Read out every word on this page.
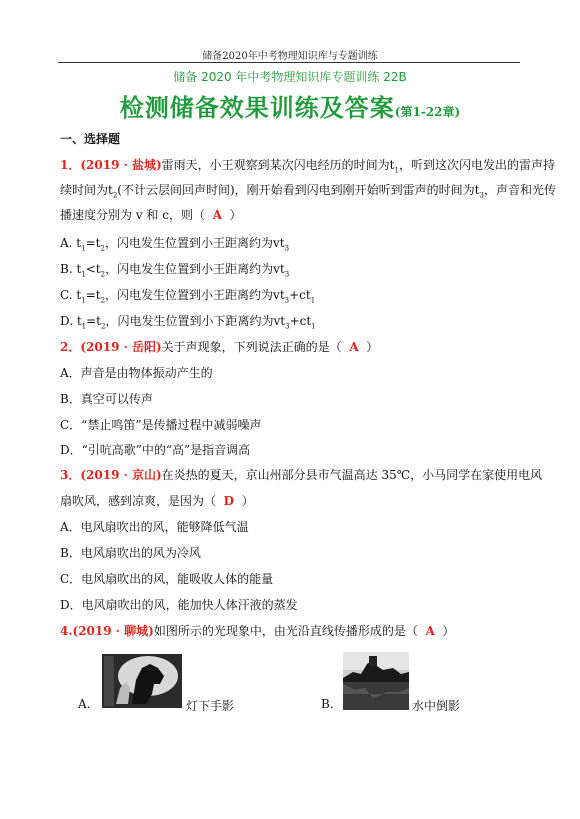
储备2020年中考物理知识库与专题训练
储备 2020 年中考物理知识库专题训练 22B
检测储备效果训练及答案(第1-22章)
一、选择题
1．(2019 · 盐城)雷雨天，小王观察到某次闪电经历的时间为$t_1$，听到这次闪电发出的雷声持
续时间为$t_2$(不计云层间回声时间)，刚开始看到闪电到刚开始听到雷声的时间为$t_3$，声音和光传
播速度分别为 v 和 c，则（ A ）
A. $t_1=t_2$，闪电发生位置到小王距离约为$vt_3$
B. $t_1<t_2$，闪电发生位置到小王距离约为$vt_3$
C. $t_1=t_2$，闪电发生位置到小王距离约为$vt_3+ct_1$
D. $t_1=t_2$，闪电发生位置到小下距离约为$vt_3+ct_1$
2．(2019 · 岳阳)关于声现象，下列说法正确的是（ A ）
A．声音是由物体振动产生的
B．真空可以传声
C．“禁止鸣笛”是传播过程中减弱噪声
D．“引吭高歌”中的“高”是指音调高
3．(2019 · 京山)在炎热的夏天，京山州部分县市气温高达 35℃，小马同学在家使用电风
扇吹风，感到凉爽，是因为（ D ）
A．电风扇吹出的风，能够降低气温
B．电风扇吹出的风为冷风
C．电风扇吹出的风，能吸收人体的能量
D．电风扇吹出的风，能加快人体汗液的蒸发
4.(2019 · 聊城)如图所示的光现象中，由光沿直线传播形成的是（ A ）
A.	灯下手影	B.	水中倒影
